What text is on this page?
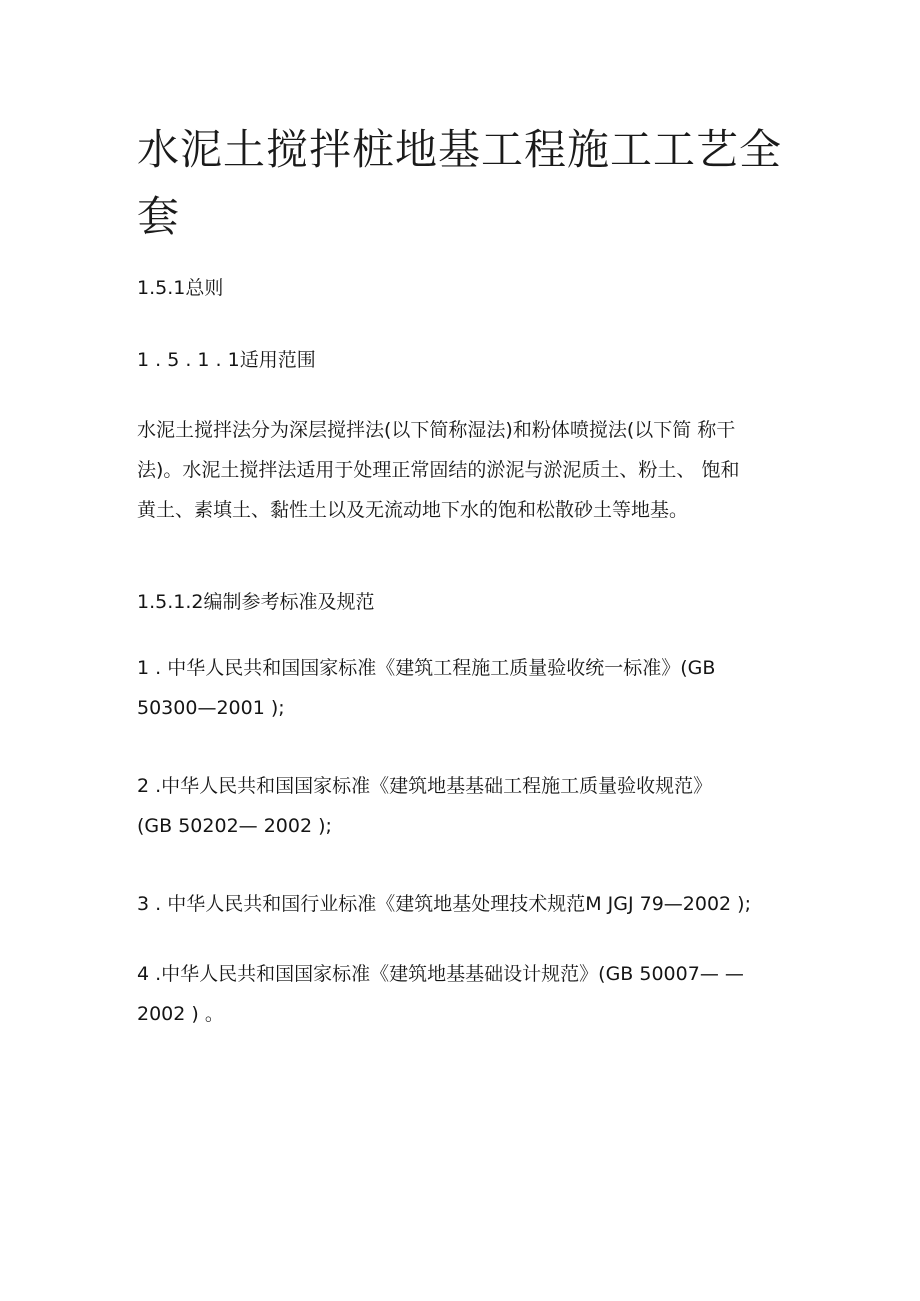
水泥土搅拌桩地基工程施工工艺全
套

1.5.1总则

1 . 5 . 1 . 1适用范围

水泥土搅拌法分为深层搅拌法(以下简称湿法)和粉体喷搅法(以下简 称干
法)。水泥土搅拌法适用于处理正常固结的淤泥与淤泥质土、粉土、 饱和
黄土、素填土、黏性土以及无流动地下水的饱和松散砂土等地基。

1.5.1.2编制参考标准及规范

1 . 中华人民共和国国家标准《建筑工程施工质量验收统一标准》(GB
50300—2001 );

2 .中华人民共和国国家标准《建筑地基基础工程施工质量验收规范》
(GB 50202— 2002 );

3 . 中华人民共和国行业标准《建筑地基处理技术规范M JGJ 79—2002 );

4 .中华人民共和国国家标准《建筑地基基础设计规范》(GB 50007— —
2002 ) 。
